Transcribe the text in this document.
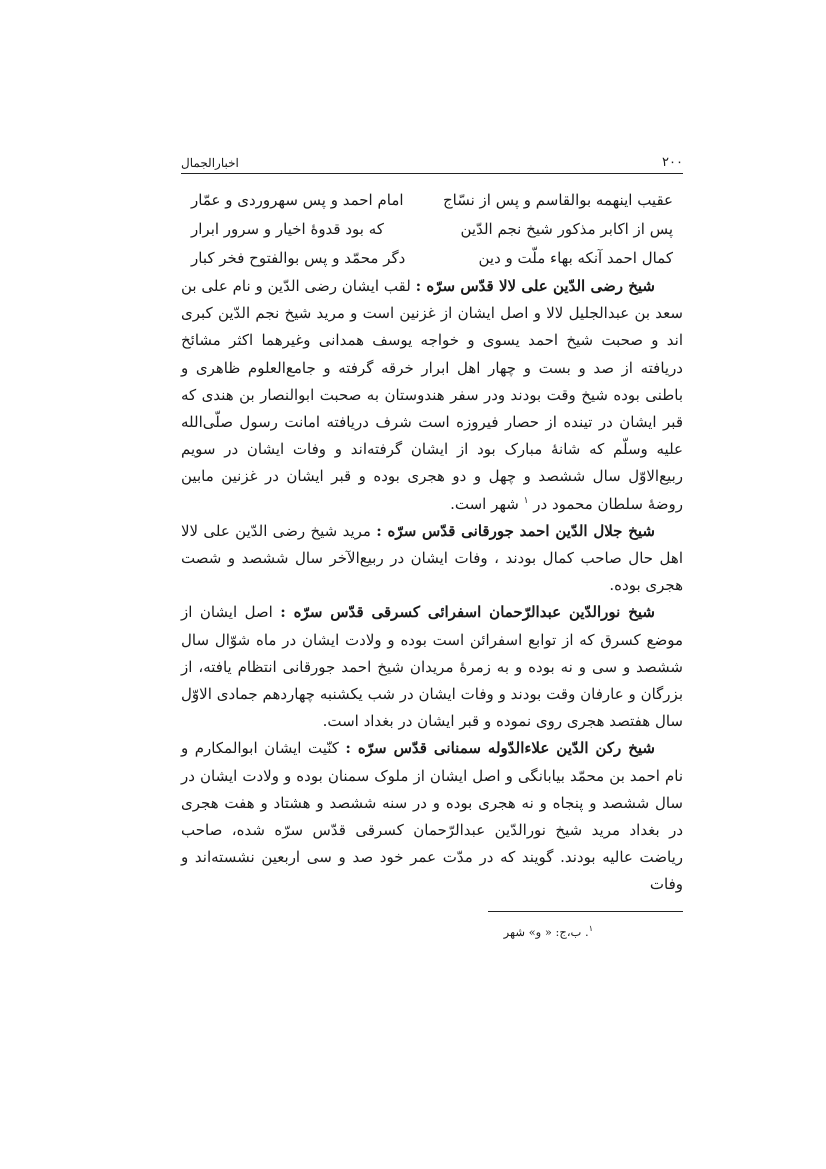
۲۰۰
اخبارالجمال
عقیب اینهمه بوالقاسم و پس از نسّاج
امام احمد و پس سهروردی و عمّار
پس از اکابر مذکور شیخ نجم الدّین
که بود قدوهٔ اخیار و سرور ابرار
کمال احمد آنکه بهاء ملّت و دین
دگر محمّد و پس بوالفتوح فخر کبار

شیخ رضی الدّین علی لالا قدّس سرّه : لقب ایشان رضی الدّین و نام علی بن سعد بن عبدالجلیل لالا و اصل ایشان از غزنین است و مرید شیخ نجم الدّین کبری اند و صحبت شیخ احمد یسوی و خواجه یوسف همدانی وغیرهما اکثر مشائخ دریافته از صد و بست و چهار اهل ابرار خرقه گرفته و جامع‌العلوم ظاهری و باطنی بوده شیخ وقت بودند ودر سفر هندوستان به صحبت ابوالنصار بن هندی که قبر ایشان در تینده از حصار فیروزه است شرف دریافته امانت رسول صلّی‌الله علیه وسلّم که شانهٔ مبارک بود از ایشان گرفته‌اند و وفات ایشان در سویم ربیع‌الاوّل سال ششصد و چهل و دو هجری بوده و قبر ایشان در غزنین مابین روضهٔ سلطان محمود در $^۱$ شهر است.

شیخ جلال الدّین احمد جورقانی قدّس سرّه : مرید شیخ رضی الدّین علی لالا اهل حال صاحب کمال بودند ، وفات ایشان در ربیع‌الآخر سال ششصد و شصت هجری بوده.

شیخ نورالدّین عبدالرّحمان اسفرائی کسرقی قدّس سرّه : اصل ایشان از موضع کسرق که از توابع اسفرائن است بوده و ولادت ایشان در ماه شوّال سال ششصد و سی و نه بوده و به زمرهٔ مریدان شیخ احمد جورقانی انتظام یافته، از بزرگان و عارفان وقت بودند و وفات ایشان در شب یکشنبه چهاردهم جمادی الاوّل سال هفتصد هجری روی نموده و قبر ایشان در بغداد است.

شیخ رکن الدّین علاءالدّوله سمنانی قدّس سرّه : کنّیت ایشان ابوالمکارم و نام احمد بن محمّد بیابانگی و اصل ایشان از ملوک سمنان بوده و ولادت ایشان در سال ششصد و پنجاه و نه هجری بوده و در سنه ششصد و هشتاد و هفت هجری در بغداد مرید شیخ نورالدّین عبدالرّحمان کسرقی قدّس سرّه شده، صاحب ریاضت عالیه بودند. گویند که در مدّت عمر خود صد و سی اربعین نشسته‌اند و وفات

$^۱$. ب،ج: « و» شهر
